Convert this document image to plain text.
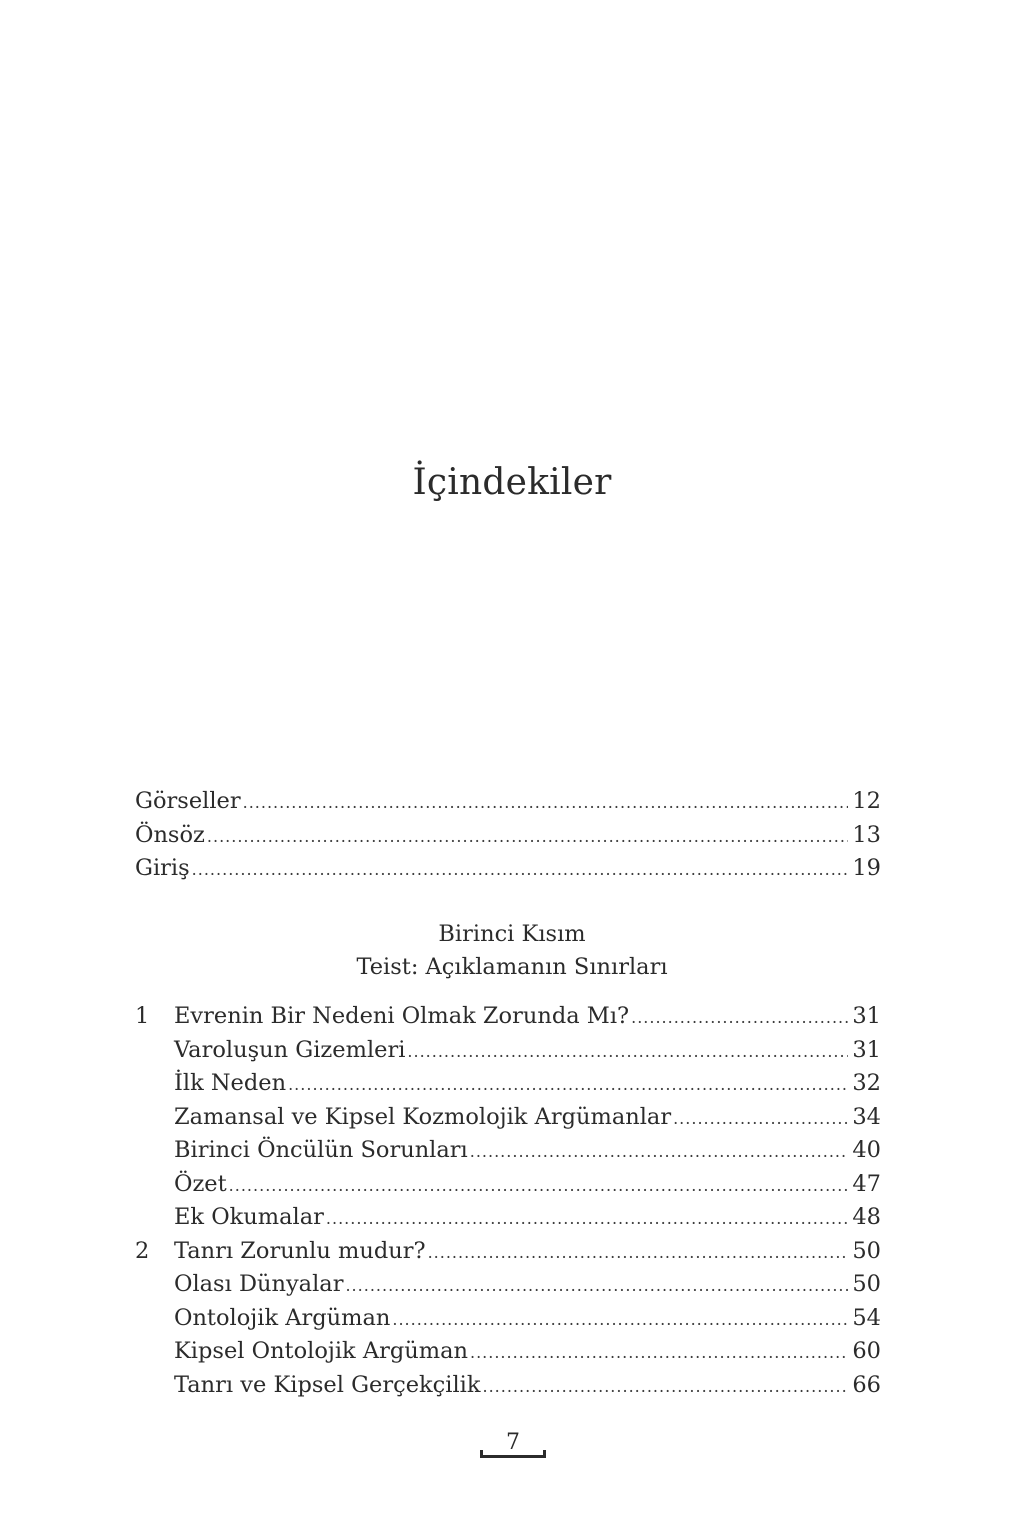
İçindekiler
Görseller .....	12
Önsöz .....	13
Giriş .....	19
Birinci Kısım
Teist: Açıklamanın Sınırları
1	Evrenin Bir Nedeni Olmak Zorunda Mı? .....	31
Varoluşun Gizemleri .....	31
İlk Neden .....	32
Zamansal ve Kipsel Kozmolojik Argümanlar .....	34
Birinci Öncülün Sorunları .....	40
Özet .....	47
Ek Okumalar .....	48
2	Tanrı Zorunlu mudur? .....	50
Olası Dünyalar .....	50
Ontolojik Argüman .....	54
Kipsel Ontolojik Argüman .....	60
Tanrı ve Kipsel Gerçekçilik .....	66
7
